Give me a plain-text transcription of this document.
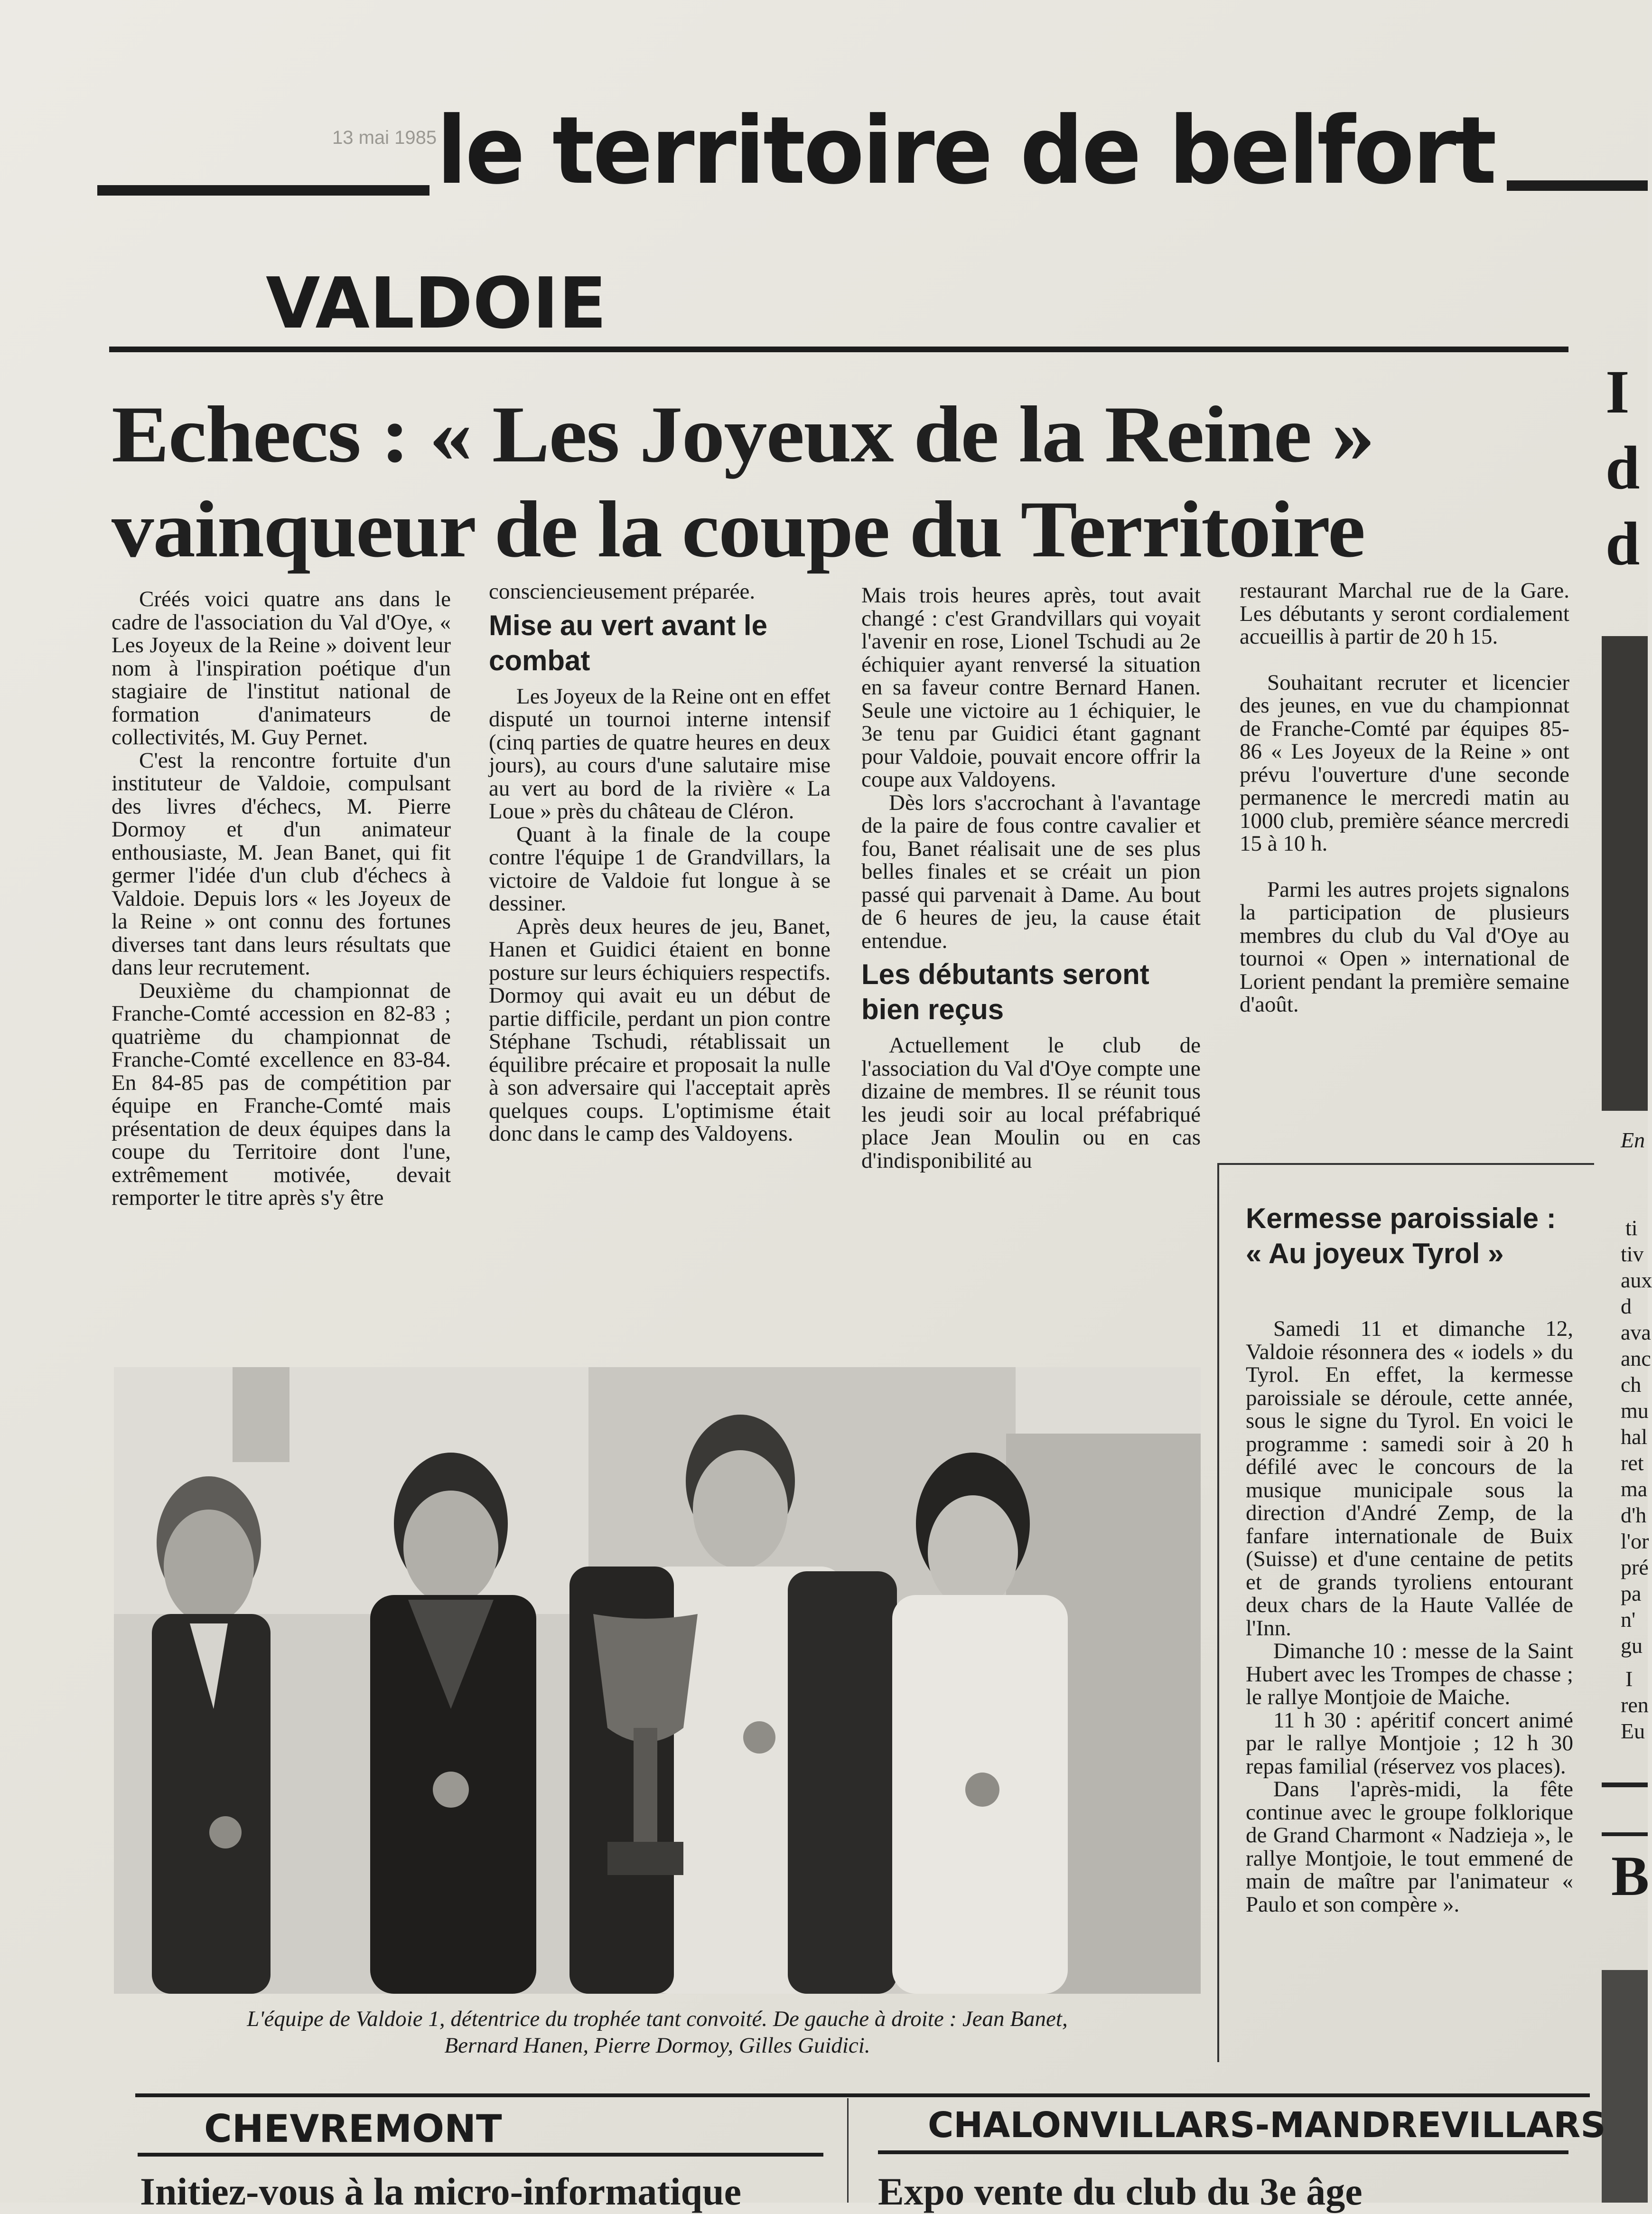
13 mai 1985 le territoire de belfort
VALDOIE
Echecs : « Les Joyeux de la Reine »
vainqueur de la coupe du Territoire

Créés voici quatre ans dans le cadre de l'association du Val d'Oye, « Les Joyeux de la Reine » doivent leur nom à l'inspiration poétique d'un stagiaire de l'institut national de formation d'animateurs de collectivités, M. Guy Pernet.

C'est la rencontre fortuite d'un instituteur de Valdoie, compulsant des livres d'échecs, M. Pierre Dormoy et d'un animateur enthousiaste, M. Jean Banet, qui fit germer l'idée d'un club d'échecs à Valdoie. Depuis lors « les Joyeux de la Reine » ont connu des fortunes diverses tant dans leurs résultats que dans leur recrutement.

Deuxième du championnat de Franche-Comté accession en 82-83 ; quatrième du championnat de Franche-Comté excellence en 83-84. En 84-85 pas de compétition par équipe en Franche-Comté mais présentation de deux équipes dans la coupe du Territoire dont l'une, extrêmement motivée, devait remporter le titre après s'y être

consciencieusement préparée.

Mise au vert avant le combat

Les Joyeux de la Reine ont en effet disputé un tournoi interne intensif (cinq parties de quatre heures en deux jours), au cours d'une salutaire mise au vert au bord de la rivière « La Loue » près du château de Cléron.

Quant à la finale de la coupe contre l'équipe 1 de Grandvillars, la victoire de Valdoie fut longue à se dessiner.

Après deux heures de jeu, Banet, Hanen et Guidici étaient en bonne posture sur leurs échiquiers respectifs. Dormoy qui avait eu un début de partie difficile, perdant un pion contre Stéphane Tschudi, rétablissait un équilibre précaire et proposait la nulle à son adversaire qui l'acceptait après quelques coups. L'optimisme était donc dans le camp des Valdoyens.

Mais trois heures après, tout avait changé : c'est Grandvillars qui voyait l'avenir en rose, Lionel Tschudi au 2e échiquier ayant renversé la situation en sa faveur contre Bernard Hanen. Seule une victoire au 1 échiquier, le 3e tenu par Guidici étant gagnant pour Valdoie, pouvait encore offrir la coupe aux Valdoyens.

Dès lors s'accrochant à l'avantage de la paire de fous contre cavalier et fou, Banet réalisait une de ses plus belles finales et se créait un pion passé qui parvenait à Dame. Au bout de 6 heures de jeu, la cause était entendue.

Les débutants seront bien reçus

Actuellement le club de l'association du Val d'Oye compte une dizaine de membres. Il se réunit tous les jeudi soir au local préfabriqué place Jean Moulin ou en cas d'indisponibilité au

restaurant Marchal rue de la Gare. Les débutants y seront cordialement accueillis à partir de 20 h 15.

Souhaitant recruter et licencier des jeunes, en vue du championnat de Franche-Comté par équipes 85-86 « Les Joyeux de la Reine » ont prévu l'ouverture d'une seconde permanence le mercredi matin au 1000 club, première séance mercredi 15 à 10 h.

Parmi les autres projets signalons la participation de plusieurs membres du club du Val d'Oye au tournoi « Open » international de Lorient pendant la première semaine d'août.

L'équipe de Valdoie 1, détentrice du trophée tant convoité. De gauche à droite : Jean Banet,
Bernard Hanen, Pierre Dormoy, Gilles Guidici.
Kermesse paroissiale : « Au joyeux Tyrol »

Samedi 11 et dimanche 12, Valdoie résonnera des « iodels » du Tyrol. En effet, la kermesse paroissiale se déroule, cette année, sous le signe du Tyrol. En voici le programme : samedi soir à 20 h défilé avec le concours de la musique municipale sous la direction d'André Zemp, de la fanfare internationale de Buix (Suisse) et d'une centaine de petits et de grands tyroliens entourant deux chars de la Haute Vallée de l'Inn.

Dimanche 10 : messe de la Saint Hubert avec les Trompes de chasse ; le rallye Montjoie de Maiche.

11 h 30 : apéritif concert animé par le rallye Montjoie ; 12 h 30 repas familial (réservez vos places).

Dans l'après-midi, la fête continue avec le groupe folklorique de Grand Charmont « Nadzieja », le rallye Montjoie, le tout emmené de main de maître par l'animateur « Paulo et son compère ».

I
d
d
En
ti
tiv
aux
d
ava
anc
ch
mu
hal
ret
ma
d'h
l'or
pré
pa
n'
gu
I
ren
Eu
B
CHEVREMONT
Initiez-vous à la micro-informatique
CHALONVILLARS-MANDREVILLARS
Expo vente du club du 3e âge
